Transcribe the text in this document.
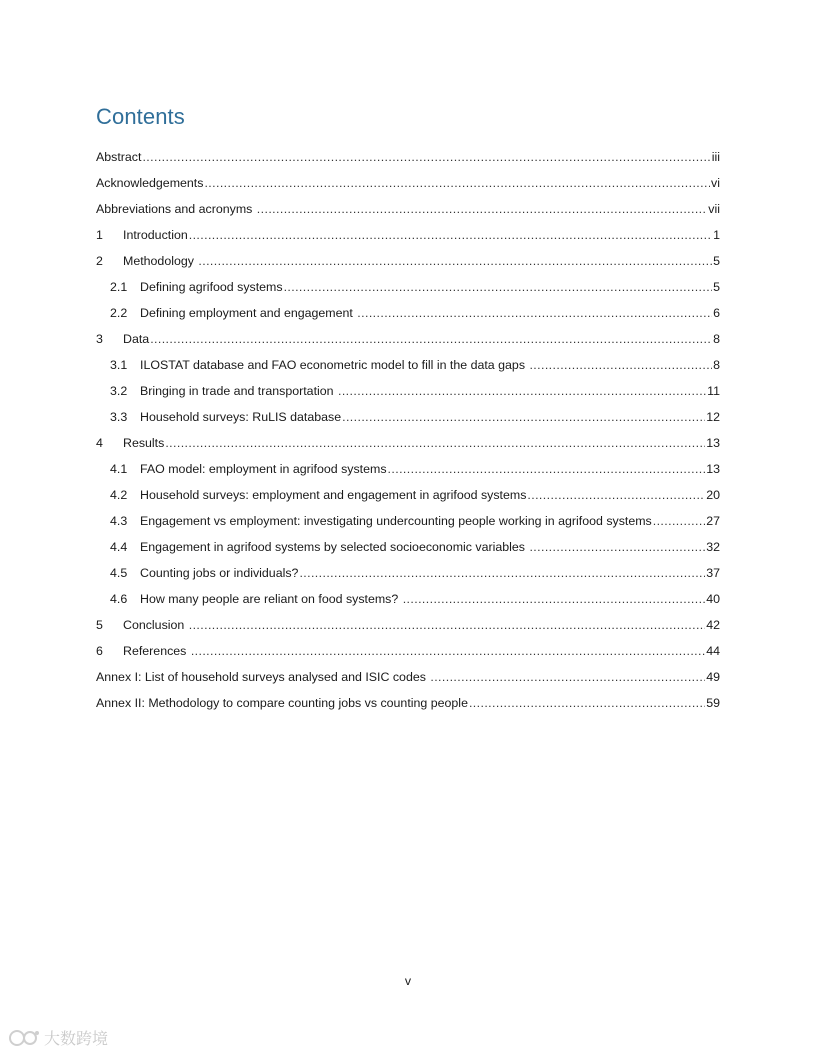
Contents
Abstract .....	iii
Acknowledgements .....	vi
Abbreviations and acronyms .....	vii
1	Introduction .....	1
2	Methodology .....	5
2.1	Defining agrifood systems .....	5
2.2	Defining employment and engagement .....	6
3	Data .....	8
3.1	ILOSTAT database and FAO econometric model to fill in the data gaps .....	8
3.2	Bringing in trade and transportation .....	11
3.3	Household surveys: RuLIS database .....	12
4	Results .....	13
4.1	FAO model: employment in agrifood systems .....	13
4.2	Household surveys: employment and engagement in agrifood systems .....	20
4.3	Engagement vs employment: investigating undercounting people working in agrifood systems .....	27
4.4	Engagement in agrifood systems by selected socioeconomic variables .....	32
4.5	Counting jobs or individuals? .....	37
4.6	How many people are reliant on food systems? .....	40
5	Conclusion .....	42
6	References .....	44
Annex I: List of household surveys analysed and ISIC codes .....	49
Annex II: Methodology to compare counting jobs vs counting people .....	59
v
大数跨境
